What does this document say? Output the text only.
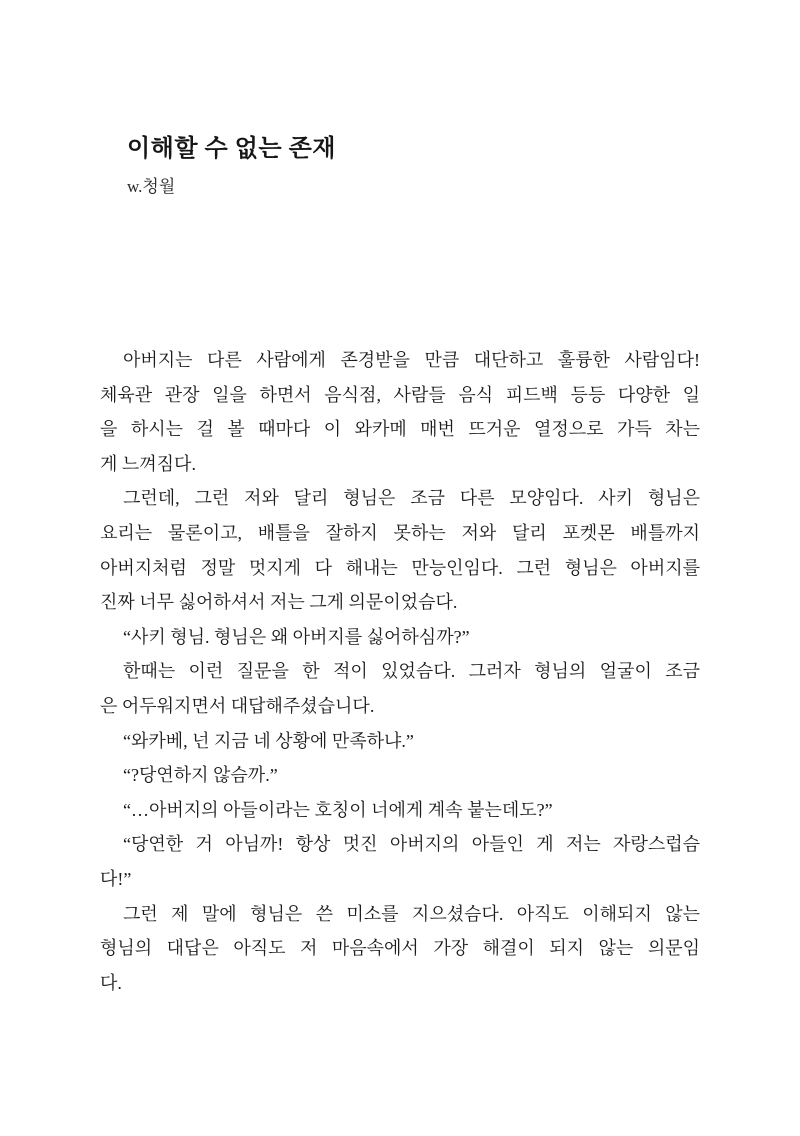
이해할 수 없는 존재
w.청월

아버지는 다른 사람에게 존경받을 만큼 대단하고 훌륭한 사람임다!
체육관 관장 일을 하면서 음식점, 사람들 음식 피드백 등등 다양한 일
을 하시는 걸 볼 때마다 이 와카메 매번 뜨거운 열정으로 가득 차는
게 느껴짐다.

그런데, 그런 저와 달리 형님은 조금 다른 모양임다. 사키 형님은
요리는 물론이고, 배틀을 잘하지 못하는 저와 달리 포켓몬 배틀까지
아버지처럼 정말 멋지게 다 해내는 만능인임다. 그런 형님은 아버지를
진짜 너무 싫어하셔서 저는 그게 의문이었슴다.

“사키 형님. 형님은 왜 아버지를 싫어하심까?”

한때는 이런 질문을 한 적이 있었슴다. 그러자 형님의 얼굴이 조금
은 어두워지면서 대답해주셨습니다.

“와카베, 넌 지금 네 상황에 만족하냐.”

“?당연하지 않슴까.”

“…아버지의 아들이라는 호칭이 너에게 계속 붙는데도?”

“당연한 거 아님까! 항상 멋진 아버지의 아들인 게 저는 자랑스럽슴
다!”

그런 제 말에 형님은 쓴 미소를 지으셨슴다. 아직도 이해되지 않는
형님의 대답은 아직도 저 마음속에서 가장 해결이 되지 않는 의문임
다.
